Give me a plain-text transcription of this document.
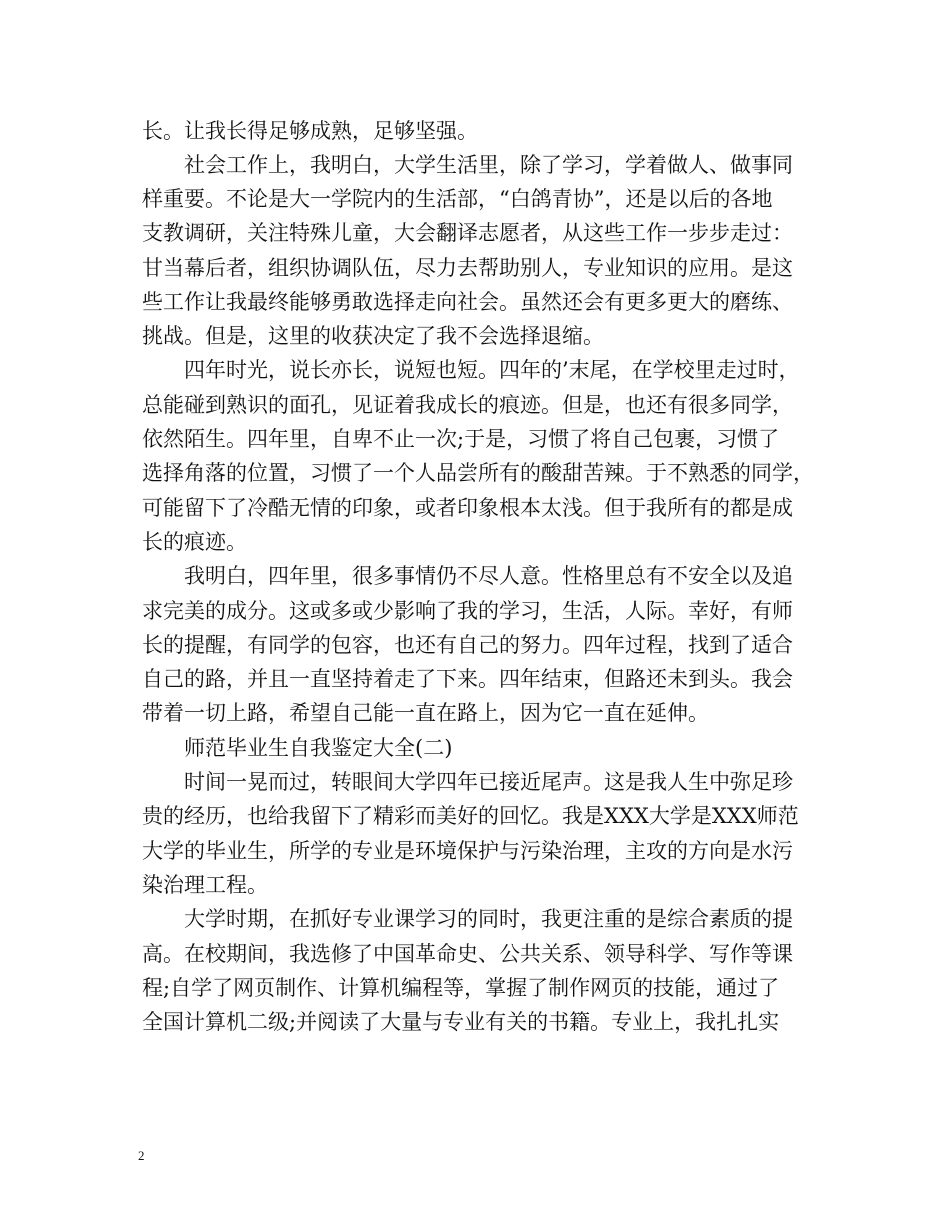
长。让我长得足够成熟，足够坚强。
　　社会工作上，我明白，大学生活里，除了学习，学着做人、做事同
样重要。不论是大一学院内的生活部，“白鸽青协”，还是以后的各地
支教调研，关注特殊儿童，大会翻译志愿者，从这些工作一步步走过：
甘当幕后者，组织协调队伍，尽力去帮助别人，专业知识的应用。是这
些工作让我最终能够勇敢选择走向社会。虽然还会有更多更大的磨练、
挑战。但是，这里的收获决定了我不会选择退缩。
　　四年时光，说长亦长，说短也短。四年的’末尾，在学校里走过时，
总能碰到熟识的面孔，见证着我成长的痕迹。但是，也还有很多同学，
依然陌生。四年里，自卑不止一次;于是，习惯了将自己包裹，习惯了
选择角落的位置，习惯了一个人品尝所有的酸甜苦辣。于不熟悉的同学，
可能留下了冷酷无情的印象，或者印象根本太浅。但于我所有的都是成
长的痕迹。
　　我明白，四年里，很多事情仍不尽人意。性格里总有不安全以及追
求完美的成分。这或多或少影响了我的学习，生活，人际。幸好，有师
长的提醒，有同学的包容，也还有自己的努力。四年过程，找到了适合
自己的路，并且一直坚持着走了下来。四年结束，但路还未到头。我会
带着一切上路，希望自己能一直在路上，因为它一直在延伸。
　　师范毕业生自我鉴定大全(二)
　　时间一晃而过，转眼间大学四年已接近尾声。这是我人生中弥足珍
贵的经历，也给我留下了精彩而美好的回忆。我是XXX大学是XXX师范
大学的毕业生，所学的专业是环境保护与污染治理，主攻的方向是水污
染治理工程。
　　大学时期，在抓好专业课学习的同时，我更注重的是综合素质的提
高。在校期间，我选修了中国革命史、公共关系、领导科学、写作等课
程;自学了网页制作、计算机编程等，掌握了制作网页的技能，通过了
全国计算机二级;并阅读了大量与专业有关的书籍。专业上，我扎扎实
2
